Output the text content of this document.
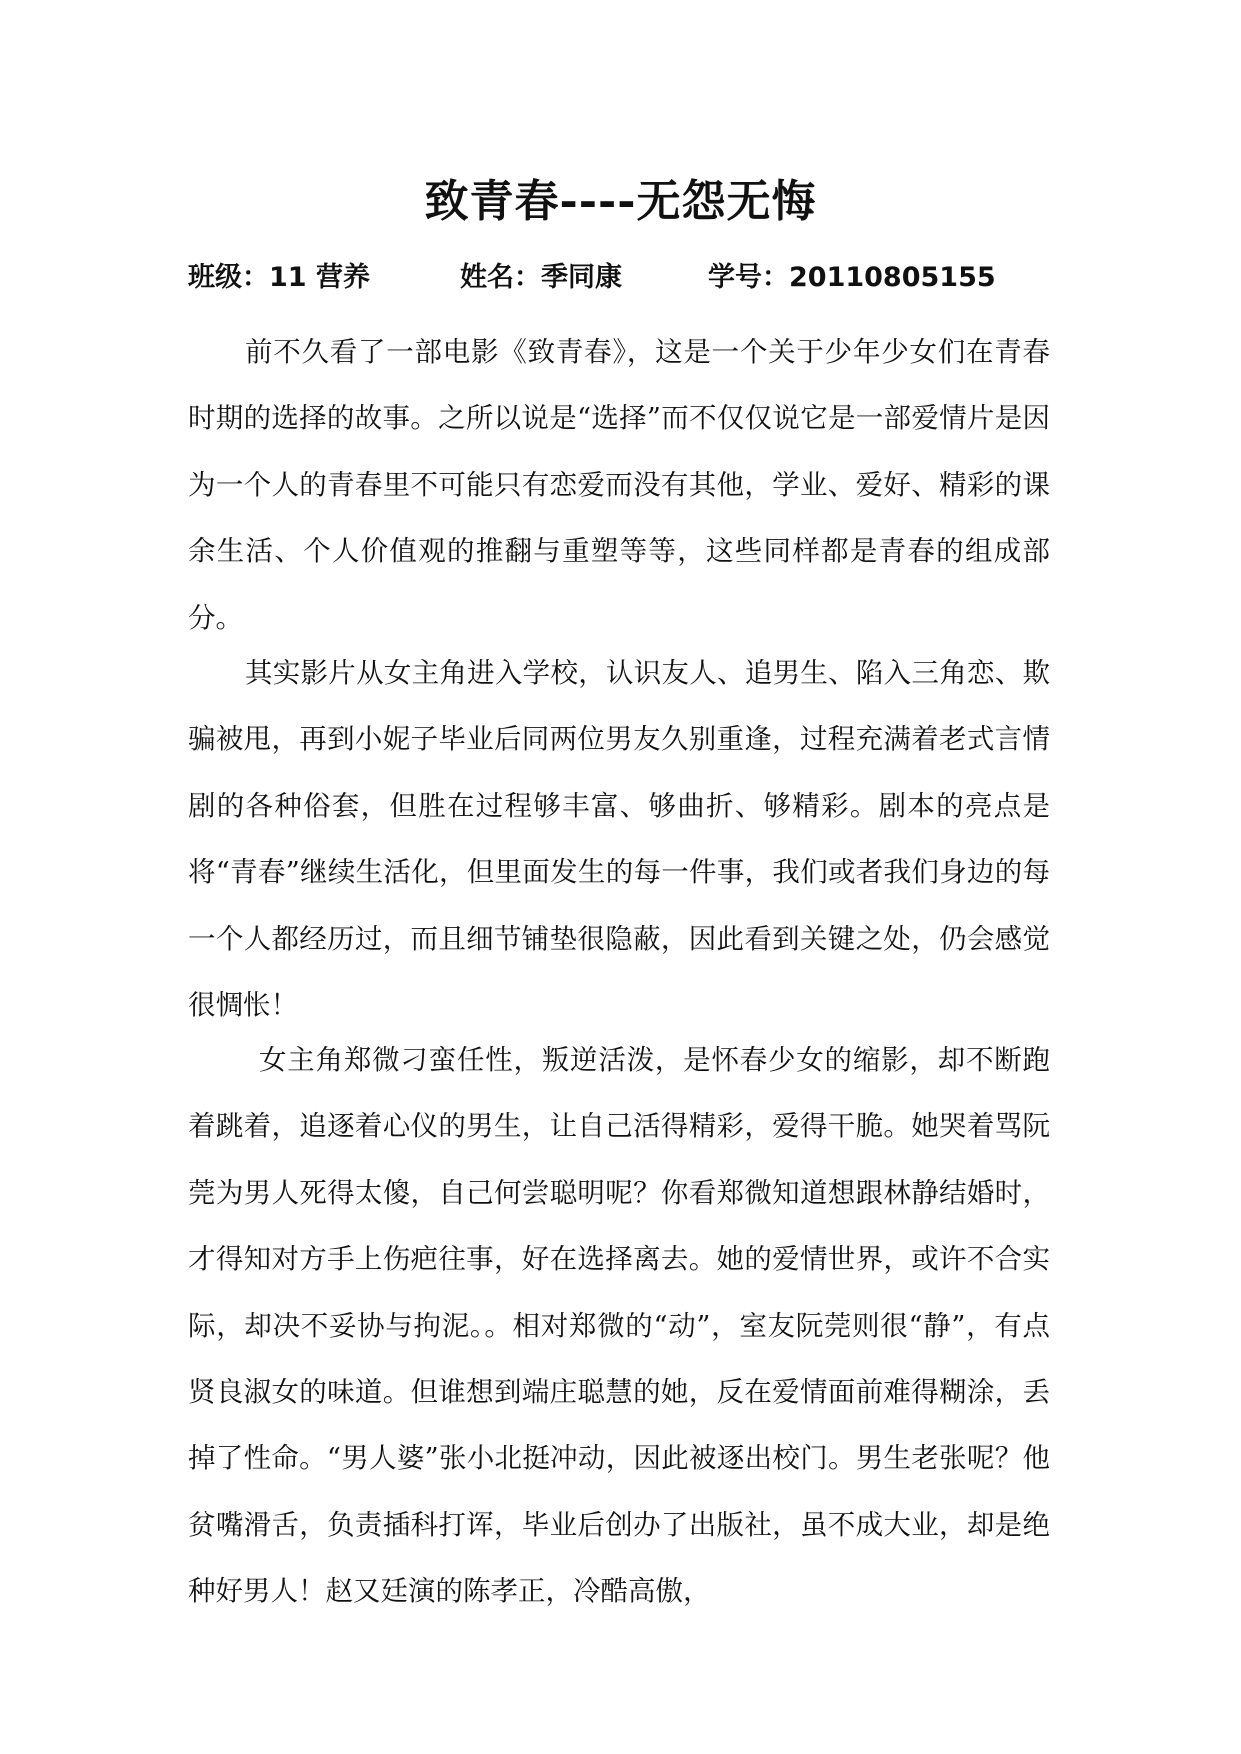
致青春----无怨无悔
班级：11 营养	姓名：季同康	学号：20110805155

前不久看了一部电影《致青春》，这是一个关于少年少女们在青春时期的选择的故事。之所以说是“选择”而不仅仅说它是一部爱情片是因为一个人的青春里不可能只有恋爱而没有其他，学业、爱好、精彩的课余生活、个人价值观的推翻与重塑等等，这些同样都是青春的组成部分。

其实影片从女主角进入学校，认识友人、追男生、陷入三角恋、欺骗被甩，再到小妮子毕业后同两位男友久别重逢，过程充满着老式言情剧的各种俗套，但胜在过程够丰富、够曲折、够精彩。剧本的亮点是将“青春”继续生活化，但里面发生的每一件事，我们或者我们身边的每一个人都经历过，而且细节铺垫很隐蔽，因此看到关键之处，仍会感觉很惆怅！

女主角郑微刁蛮任性，叛逆活泼，是怀春少女的缩影，却不断跑着跳着，追逐着心仪的男生，让自己活得精彩，爱得干脆。她哭着骂阮莞为男人死得太傻，自己何尝聪明呢？你看郑微知道想跟林静结婚时，才得知对方手上伤疤往事，好在选择离去。她的爱情世界，或许不合实际，却决不妥协与拘泥。。相对郑微的“动”，室友阮莞则很“静”，有点贤良淑女的味道。但谁想到端庄聪慧的她，反在爱情面前难得糊涂，丢掉了性命。“男人婆”张小北挺冲动，因此被逐出校门。男生老张呢？他贫嘴滑舌，负责插科打诨，毕业后创办了出版社，虽不成大业，却是绝种好男人！赵又廷演的陈孝正，冷酷高傲，
